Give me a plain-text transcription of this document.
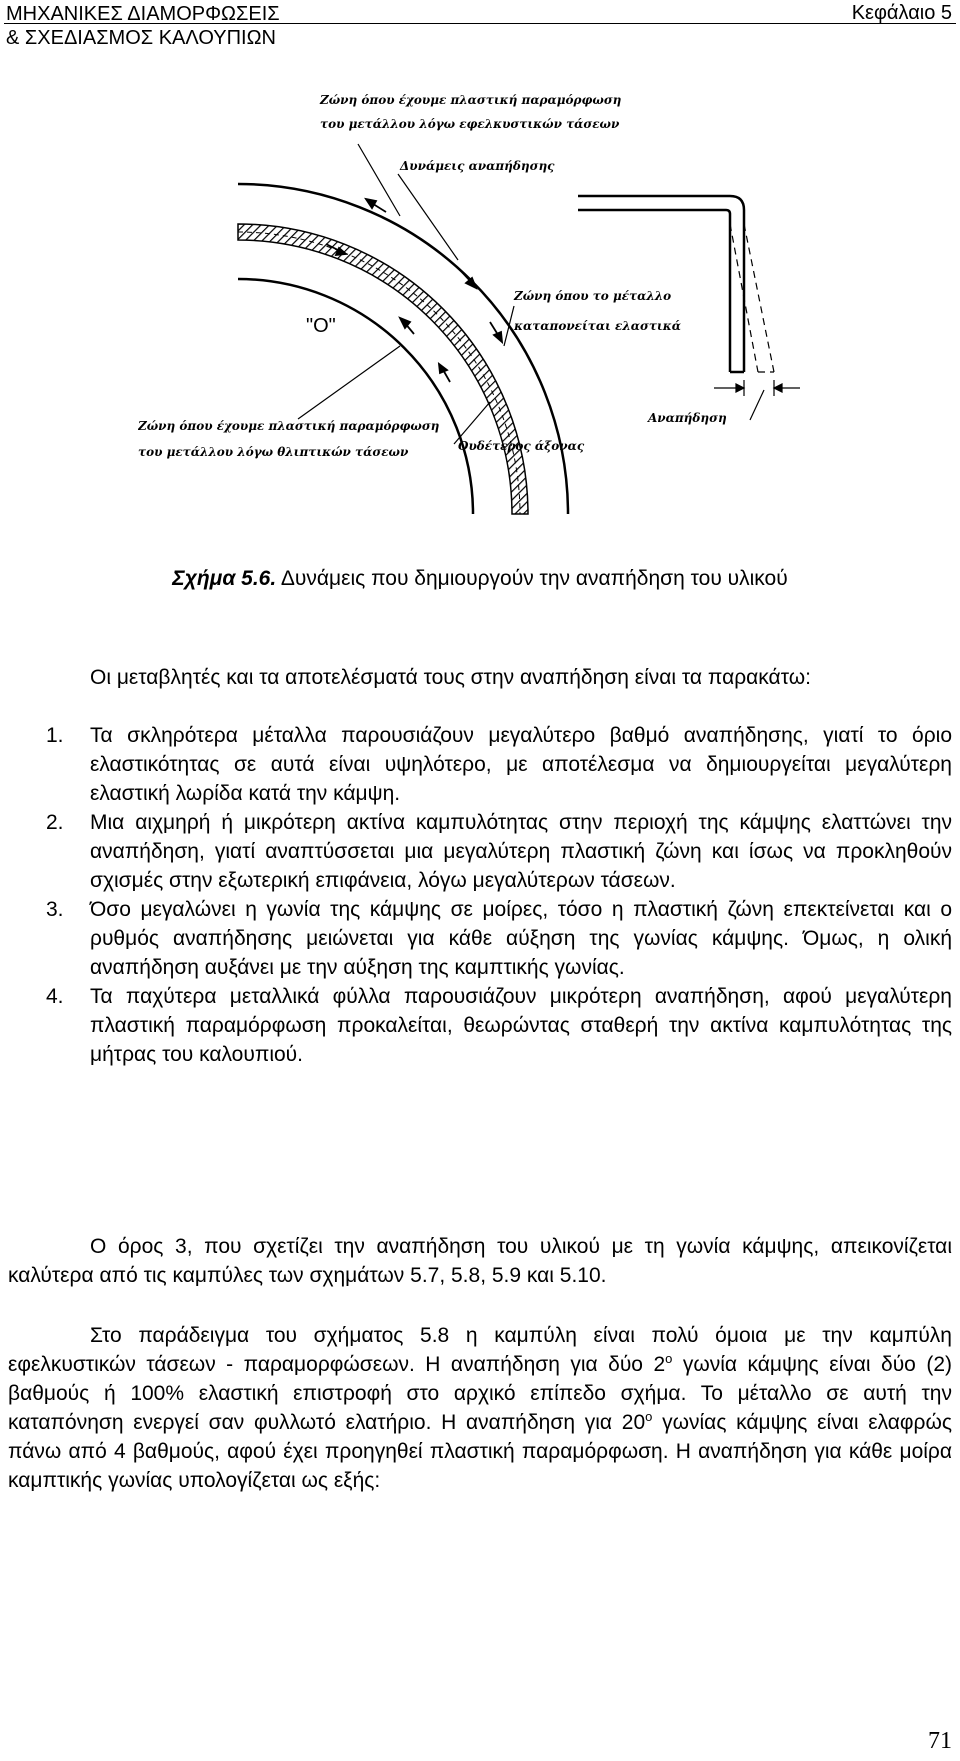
ΜΗΧΑΝΙΚΕΣ ΔΙΑΜΟΡΦΩΣΕΙΣ
& ΣΧΕΔΙΑΣΜΟΣ ΚΑΛΟΥΠΙΩΝ
Κεφάλαιο 5
"Ο"
Ζώνη όπου έχουμε πλαστική παραμόρφωση
του μετάλλου λόγω εφελκυστικών τάσεων
Δυνάμεις αναπήδησης
Ζώνη όπου το μέταλλο
καταπονείται ελαστικά
Ζώνη όπου έχουμε πλαστική παραμόρφωση
του μετάλλου λόγω θλιπτικών τάσεων	Ουδέτερος άξονας
Αναπήδηση
Σχήμα 5.6. Δυνάμεις που δημιουργούν την αναπήδηση του υλικού

Οι μεταβλητές και τα αποτελέσματά τους στην αναπήδηση είναι τα παρακάτω:

1. Τα σκληρότερα μέταλλα παρουσιάζουν μεγαλύτερο βαθμό αναπήδησης, γιατί το όριο ελαστικότητας σε αυτά είναι υψηλότερο, με αποτέλεσμα να δημιουργείται μεγαλύτερη ελαστική λωρίδα κατά την κάμψη.
2. Μια αιχμηρή ή μικρότερη ακτίνα καμπυλότητας στην περιοχή της κάμψης ελαττώνει την αναπήδηση, γιατί αναπτύσσεται μια μεγαλύτερη πλαστική ζώνη και ίσως να προκληθούν σχισμές στην εξωτερική επιφάνεια, λόγω μεγαλύτερων τάσεων.
3. Όσο μεγαλώνει η γωνία της κάμψης σε μοίρες, τόσο η πλαστική ζώνη επεκτείνεται και ο ρυθμός αναπήδησης μειώνεται για κάθε αύξηση της γωνίας κάμψης. Όμως, η ολική αναπήδηση αυξάνει με την αύξηση της καμπτικής γωνίας.
4. Τα παχύτερα μεταλλικά φύλλα παρουσιάζουν μικρότερη αναπήδηση, αφού μεγαλύτερη πλαστική παραμόρφωση προκαλείται, θεωρώντας σταθερή την ακτίνα καμπυλότητας της μήτρας του καλουπιού.

Ο όρος 3, που σχετίζει την αναπήδηση του υλικού με τη γωνία κάμψης, απεικονίζεται καλύτερα από τις καμπύλες των σχημάτων 5.7, 5.8, 5.9 και 5.10.

Στο παράδειγμα του σχήματος 5.8 η καμπύλη είναι πολύ όμοια με την καμπύλη εφελκυστικών τάσεων - παραμορφώσεων. Η αναπήδηση για δύο $2^o$ γωνία κάμψης είναι δύο (2) βαθμούς ή 100% ελαστική επιστροφή στο αρχικό επίπεδο σχήμα. Το μέταλλο σε αυτή την καταπόνηση ενεργεί σαν φυλλωτό ελατήριο. Η αναπήδηση για $20^o$ γωνίας κάμψης είναι ελαφρώς πάνω από 4 βαθμούς, αφού έχει προηγηθεί πλαστική παραμόρφωση. Η αναπήδηση για κάθε μοίρα καμπτικής γωνίας υπολογίζεται ως εξής:

71
